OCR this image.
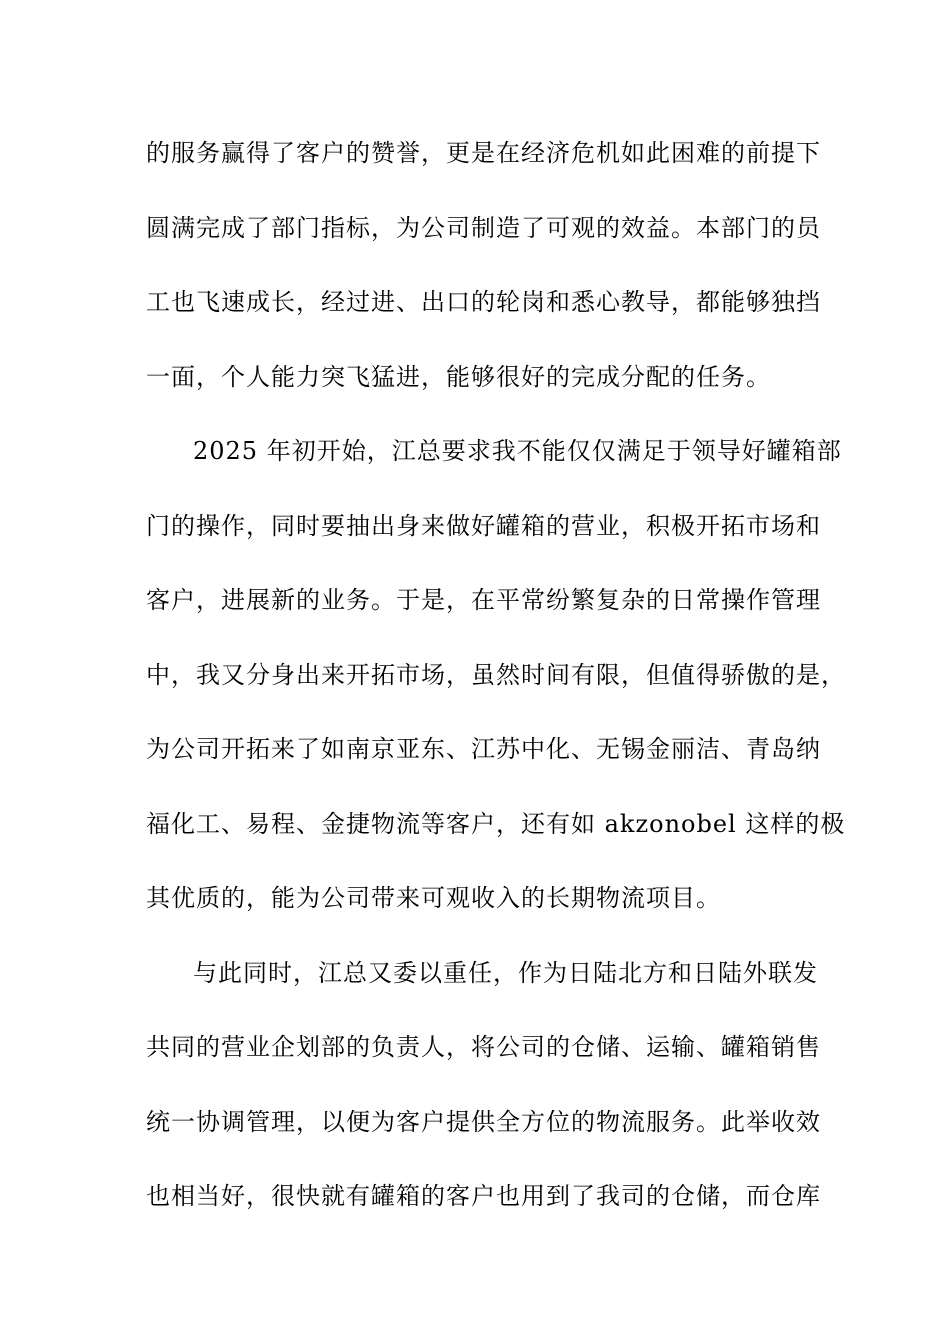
的服务赢得了客户的赞誉，更是在经济危机如此困难的前提下
圆满完成了部门指标，为公司制造了可观的效益。本部门的员
工也飞速成长，经过进、出口的轮岗和悉心教导，都能够独挡
一面，个人能力突飞猛进，能够很好的完成分配的任务。
2025 年初开始，江总要求我不能仅仅满足于领导好罐箱部
门的操作，同时要抽出身来做好罐箱的营业，积极开拓市场和
客户，进展新的业务。于是，在平常纷繁复杂的日常操作管理
中，我又分身出来开拓市场，虽然时间有限，但值得骄傲的是，
为公司开拓来了如南京亚东、江苏中化、无锡金丽洁、青岛纳
福化工、易程、金捷物流等客户，还有如 akzonobel 这样的极
其优质的，能为公司带来可观收入的长期物流项目。
与此同时，江总又委以重任，作为日陆北方和日陆外联发
共同的营业企划部的负责人，将公司的仓储、运输、罐箱销售
统一协调管理，以便为客户提供全方位的物流服务。此举收效
也相当好，很快就有罐箱的客户也用到了我司的仓储，而仓库
